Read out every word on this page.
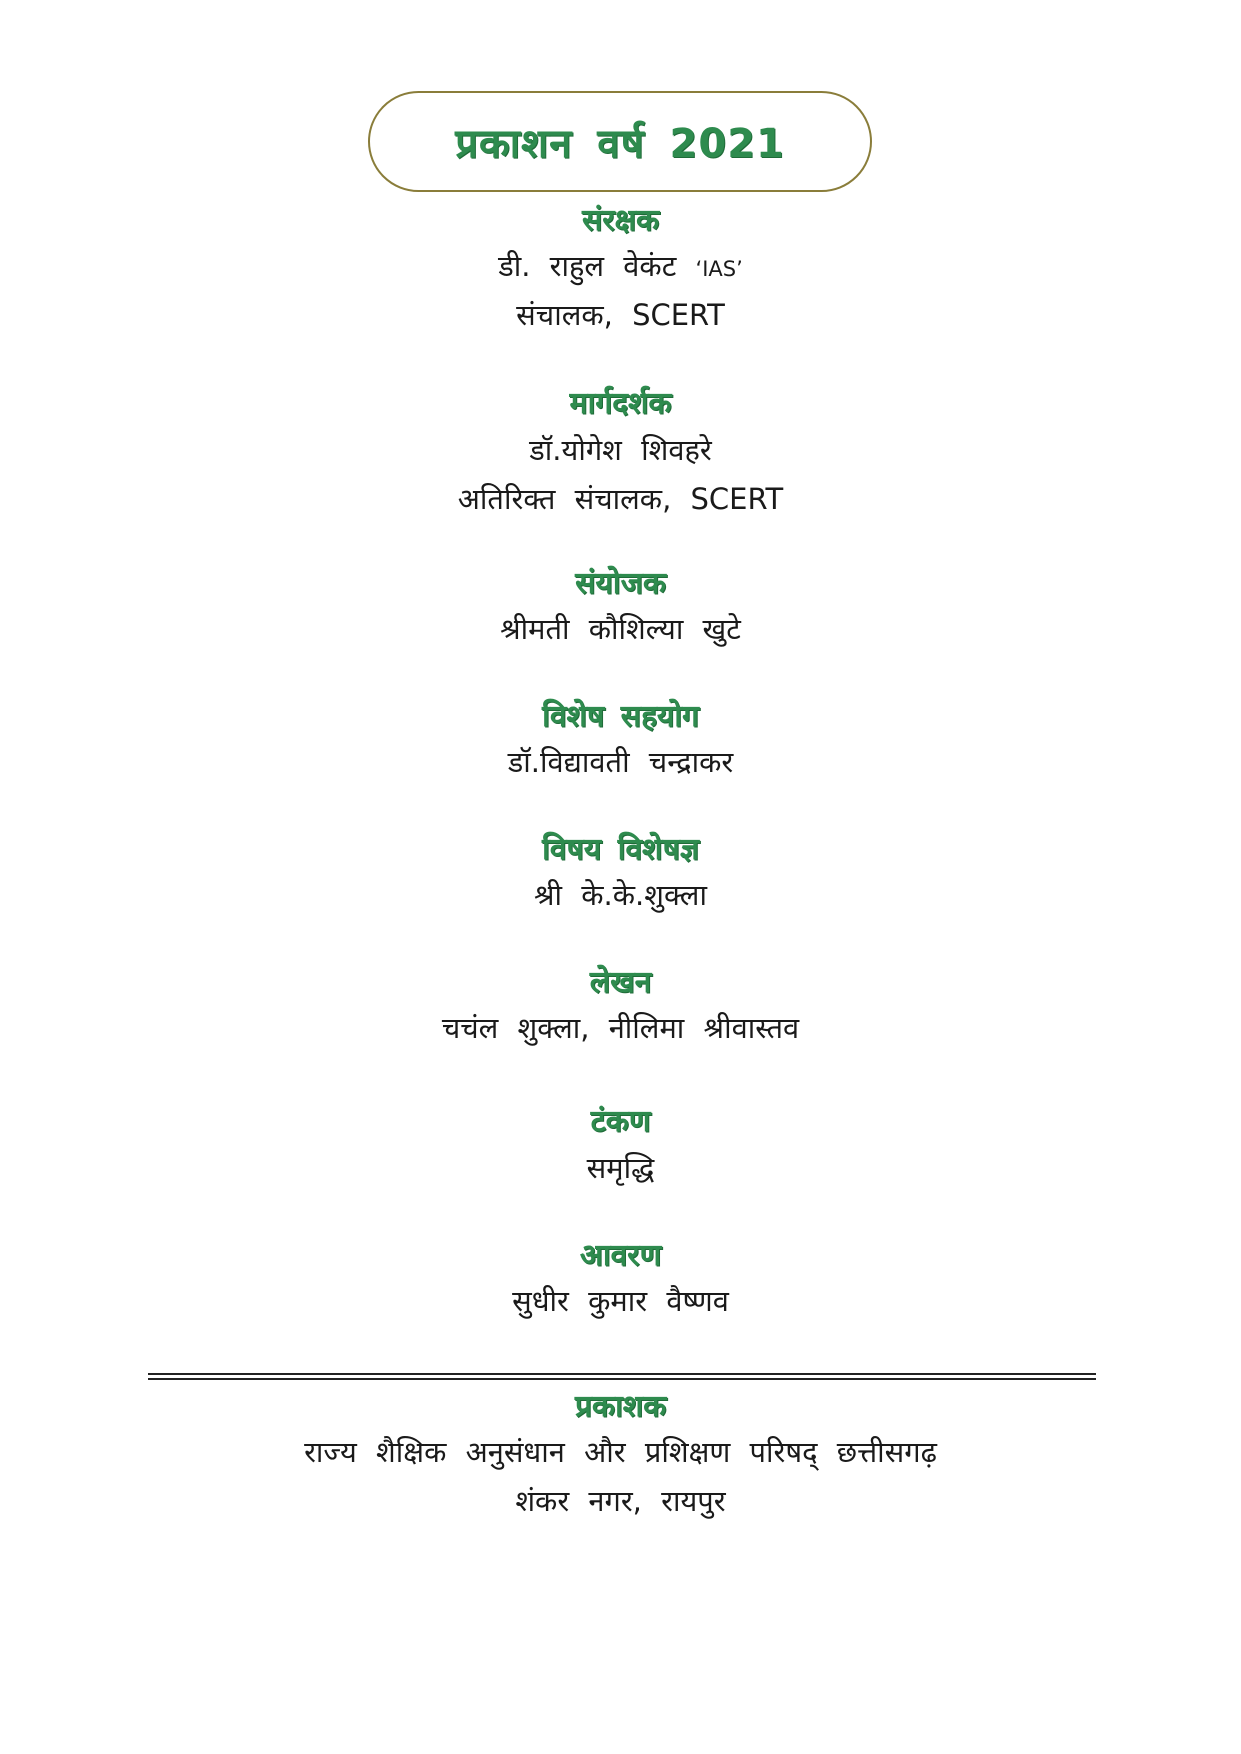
प्रकाशन वर्ष 2021
संरक्षक
डी. राहुल वेकंट ‘IAS’
संचालक, SCERT
मार्गदर्शक
डॉ.योगेश शिवहरे
अतिरिक्त संचालक, SCERT
संयोजक
श्रीमती कौशिल्या खुटे
विशेष सहयोग
डॉ.विद्यावती चन्द्राकर
विषय विशेषज्ञ
श्री के.के.शुक्ला
लेखन
चचंल शुक्ला, नीलिमा श्रीवास्तव
टंकण
समृद्धि
आवरण
सुधीर कुमार वैष्णव
प्रकाशक
राज्य शैक्षिक अनुसंधान और प्रशिक्षण परिषद् छत्तीसगढ़
शंकर नगर, रायपुर
